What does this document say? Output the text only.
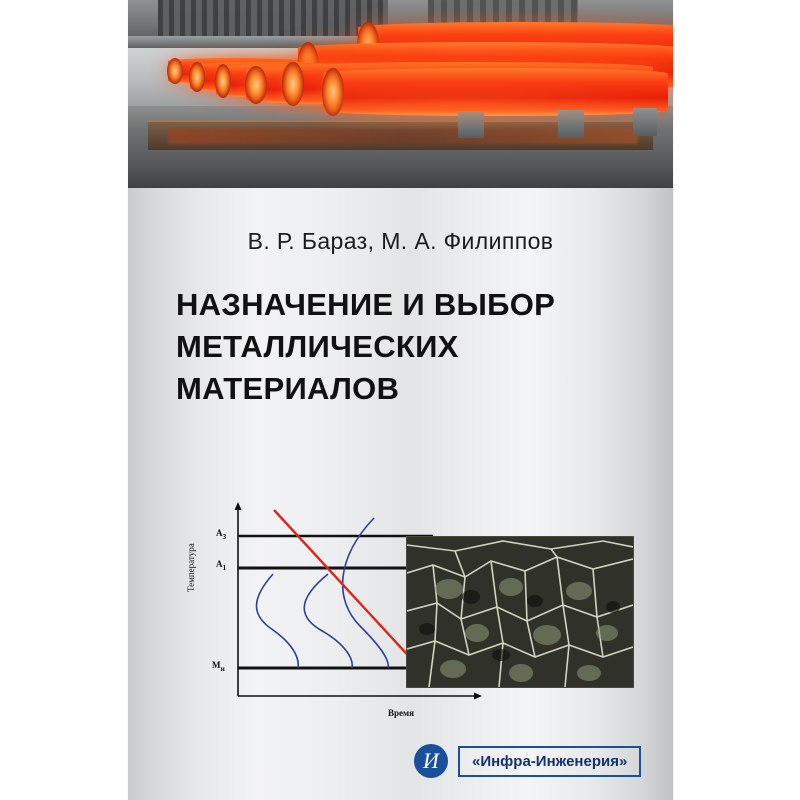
В. Р. Бараз, М. А. Филиппов
НАЗНАЧЕНИЕ И ВЫБОР
МЕТАЛЛИЧЕСКИХ
МАТЕРИАЛОВ
$A_3$
$A_1$
$M_н$
Температура
Время
И	«Инфра-Инженерия»
